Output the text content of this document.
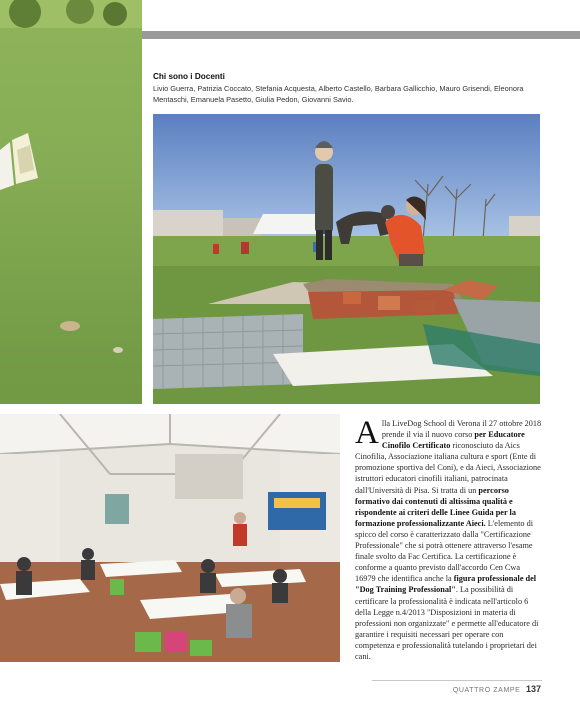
Chi sono i Docenti

Livio Guerra, Patrizia Coccato, Stefania Acquesta, Alberto Castello, Barbara Gallicchio, Mauro Grisendi, Eleonora Mentaschi, Emanuela Pasetto, Giulia Pedon, Giovanni Savio.

A lla LiveDog School di Verona il 27 ottobre 2018 prende il via il nuovo corso per Educatore Cinofilo Certificato riconosciuto da Aics Cinofilia, Associazione italiana cultura e sport (Ente di promozione sportiva del Coni), e da Aieci, Associazione istruttori educatori cinofili italiani, patrocinata dall'Università di Pisa. Si tratta di un percorso formativo dai contenuti di altissima qualità e rispondente ai criteri delle Linee Guida per la formazione professionalizzante Aieci. L'elemento di spicco del corso è caratterizzato dalla "Certificazione Professionale" che si potrà ottenere attraverso l'esame finale svolto da Fac Certifica. La certificazione è conforme a quanto previsto dall'accordo Cen Cwa 16979 che identifica anche la figura professionale del "Dog Training Professional". La possibilità di certificare la professionalità è indicata nell'articolo 6 della Legge n.4/2013 "Disposizioni in materia di professioni non organizzate" e permette all'educatore di garantire i requisiti necessari per operare con competenza e professionalità tutelando i proprietari dei cani.
QUATTRO ZAMPE 137
